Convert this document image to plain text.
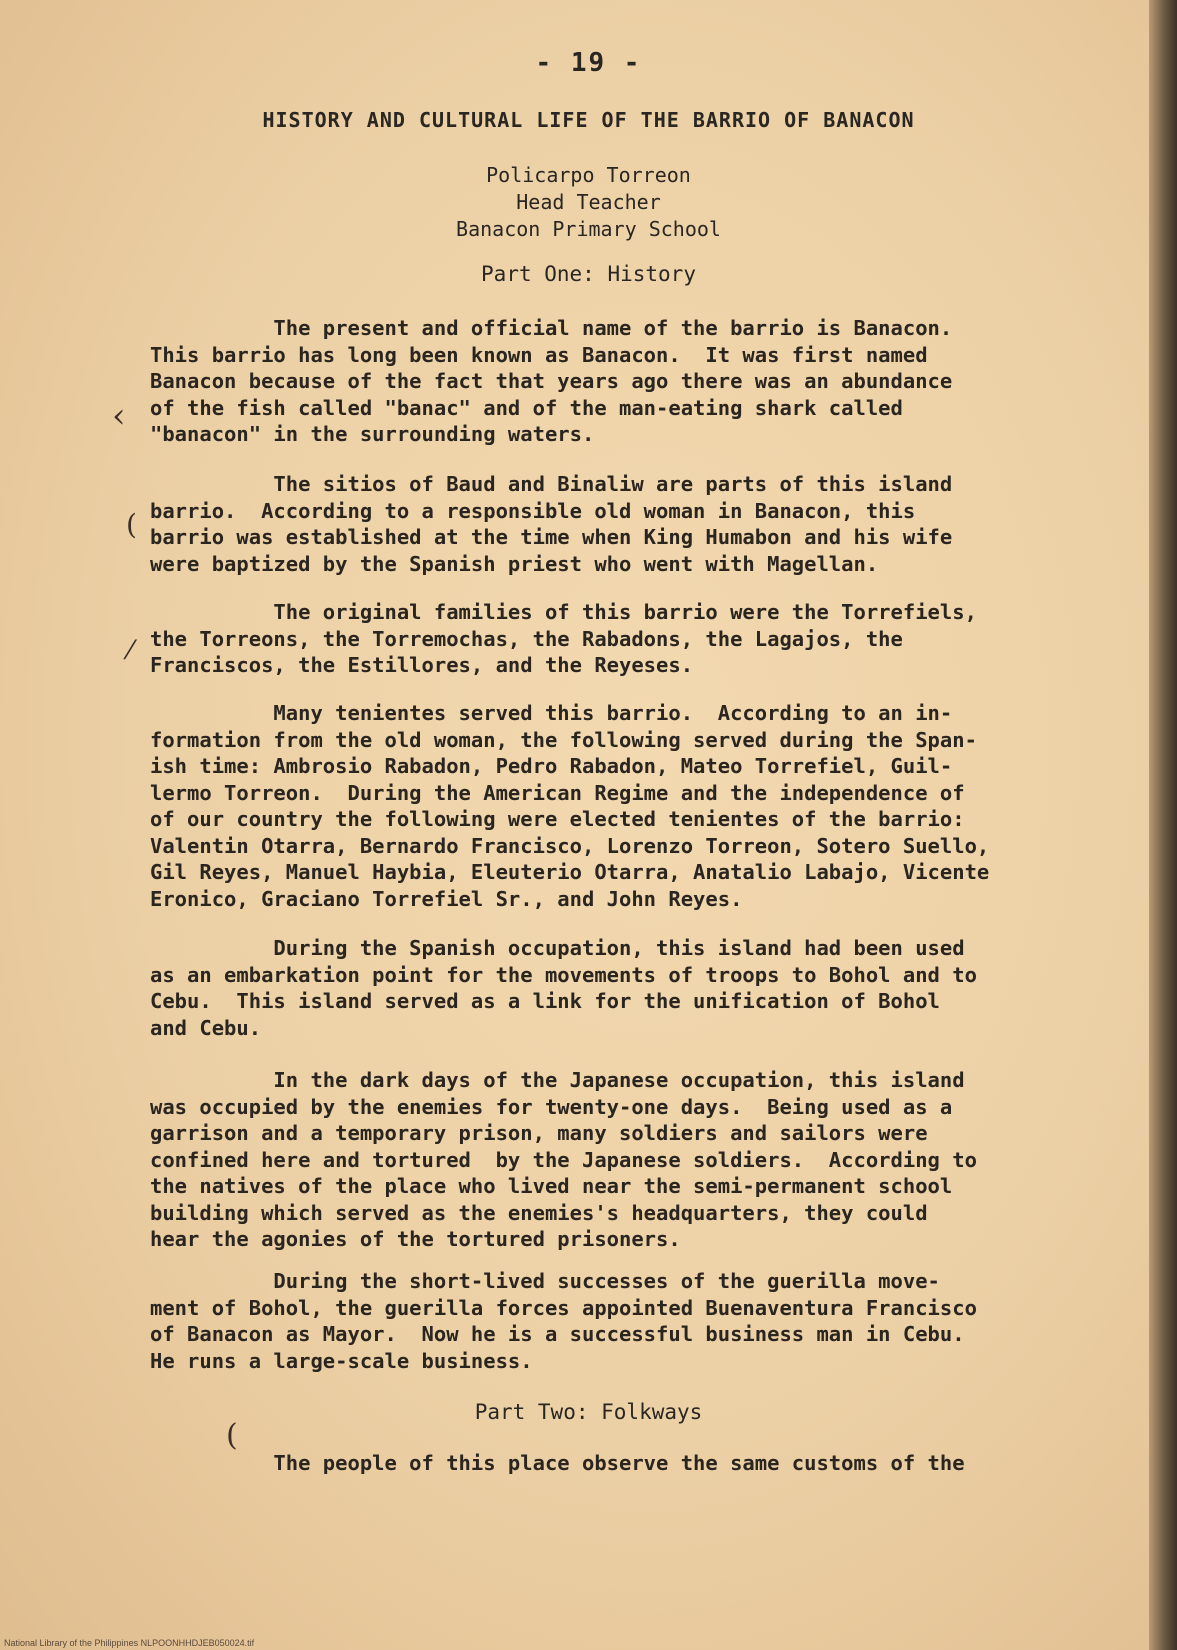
- 19 -
HISTORY AND CULTURAL LIFE OF THE BARRIO OF BANACON
Policarpo Torreon
Head Teacher
Banacon Primary School
Part One: History
The present and official name of the barrio is Banacon.
This barrio has long been known as Banacon.  It was first named
Banacon because of the fact that years ago there was an abundance
of the fish called "banac" and of the man-eating shark called
"banacon" in the surrounding waters.
The sitios of Baud and Binaliw are parts of this island
barrio.  According to a responsible old woman in Banacon, this
barrio was established at the time when King Humabon and his wife
were baptized by the Spanish priest who went with Magellan.
The original families of this barrio were the Torrefiels,
the Torreons, the Torremochas, the Rabadons, the Lagajos, the
Franciscos, the Estillores, and the Reyeses.
Many tenientes served this barrio.  According to an in-
formation from the old woman, the following served during the Span-
ish time: Ambrosio Rabadon, Pedro Rabadon, Mateo Torrefiel, Guil-
lermo Torreon.  During the American Regime and the independence of
of our country the following were elected tenientes of the barrio:
Valentin Otarra, Bernardo Francisco, Lorenzo Torreon, Sotero Suello,
Gil Reyes, Manuel Haybia, Eleuterio Otarra, Anatalio Labajo, Vicente
Eronico, Graciano Torrefiel Sr., and John Reyes.
During the Spanish occupation, this island had been used
as an embarkation point for the movements of troops to Bohol and to
Cebu.  This island served as a link for the unification of Bohol
and Cebu.
In the dark days of the Japanese occupation, this island
was occupied by the enemies for twenty-one days.  Being used as a
garrison and a temporary prison, many soldiers and sailors were
confined here and tortured  by the Japanese soldiers.  According to
the natives of the place who lived near the semi-permanent school
building which served as the enemies's headquarters, they could
hear the agonies of the tortured prisoners.
During the short-lived successes of the guerilla move-
ment of Bohol, the guerilla forces appointed Buenaventura Francisco
of Banacon as Mayor.  Now he is a successful business man in Cebu.
He runs a large-scale business.
Part Two: Folkways
The people of this place observe the same customs of the
‹
(
⁄
(
National Library of the Philippines NLPOONHHDJEB050024.tif
